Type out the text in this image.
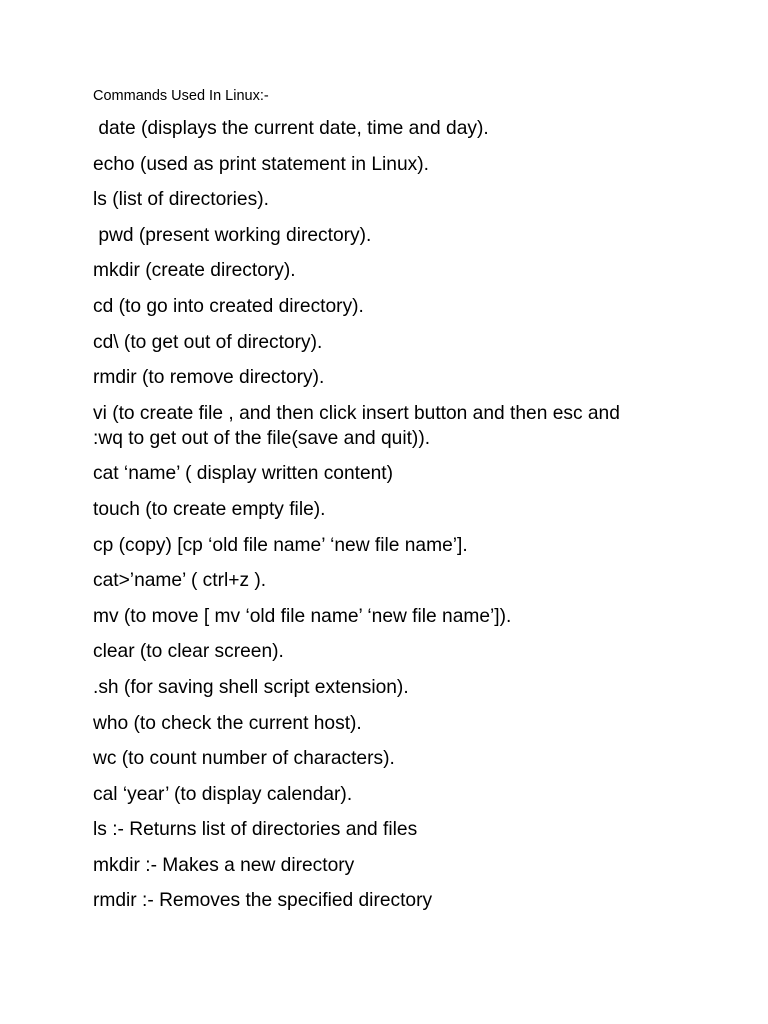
Commands Used In Linux:-
date (displays the current date, time and day).
echo (used as print statement in Linux).
ls (list of directories).
pwd (present working directory).
mkdir (create directory).
cd (to go into created directory).
cd\ (to get out of directory).
rmdir (to remove directory).
vi (to create file , and then click insert button and then esc and
:wq to get out of the file(save and quit)).
cat ‘name’ ( display written content)
touch (to create empty file).
cp (copy) [cp ‘old file name’ ‘new file name’].
cat>’name’ ( ctrl+z ).
mv (to move [ mv ‘old file name’ ‘new file name’]).
clear (to clear screen).
.sh (for saving shell script extension).
who (to check the current host).
wc (to count number of characters).
cal ‘year’ (to display calendar).
ls :- Returns list of directories and files
mkdir :- Makes a new directory
rmdir :- Removes the specified directory
